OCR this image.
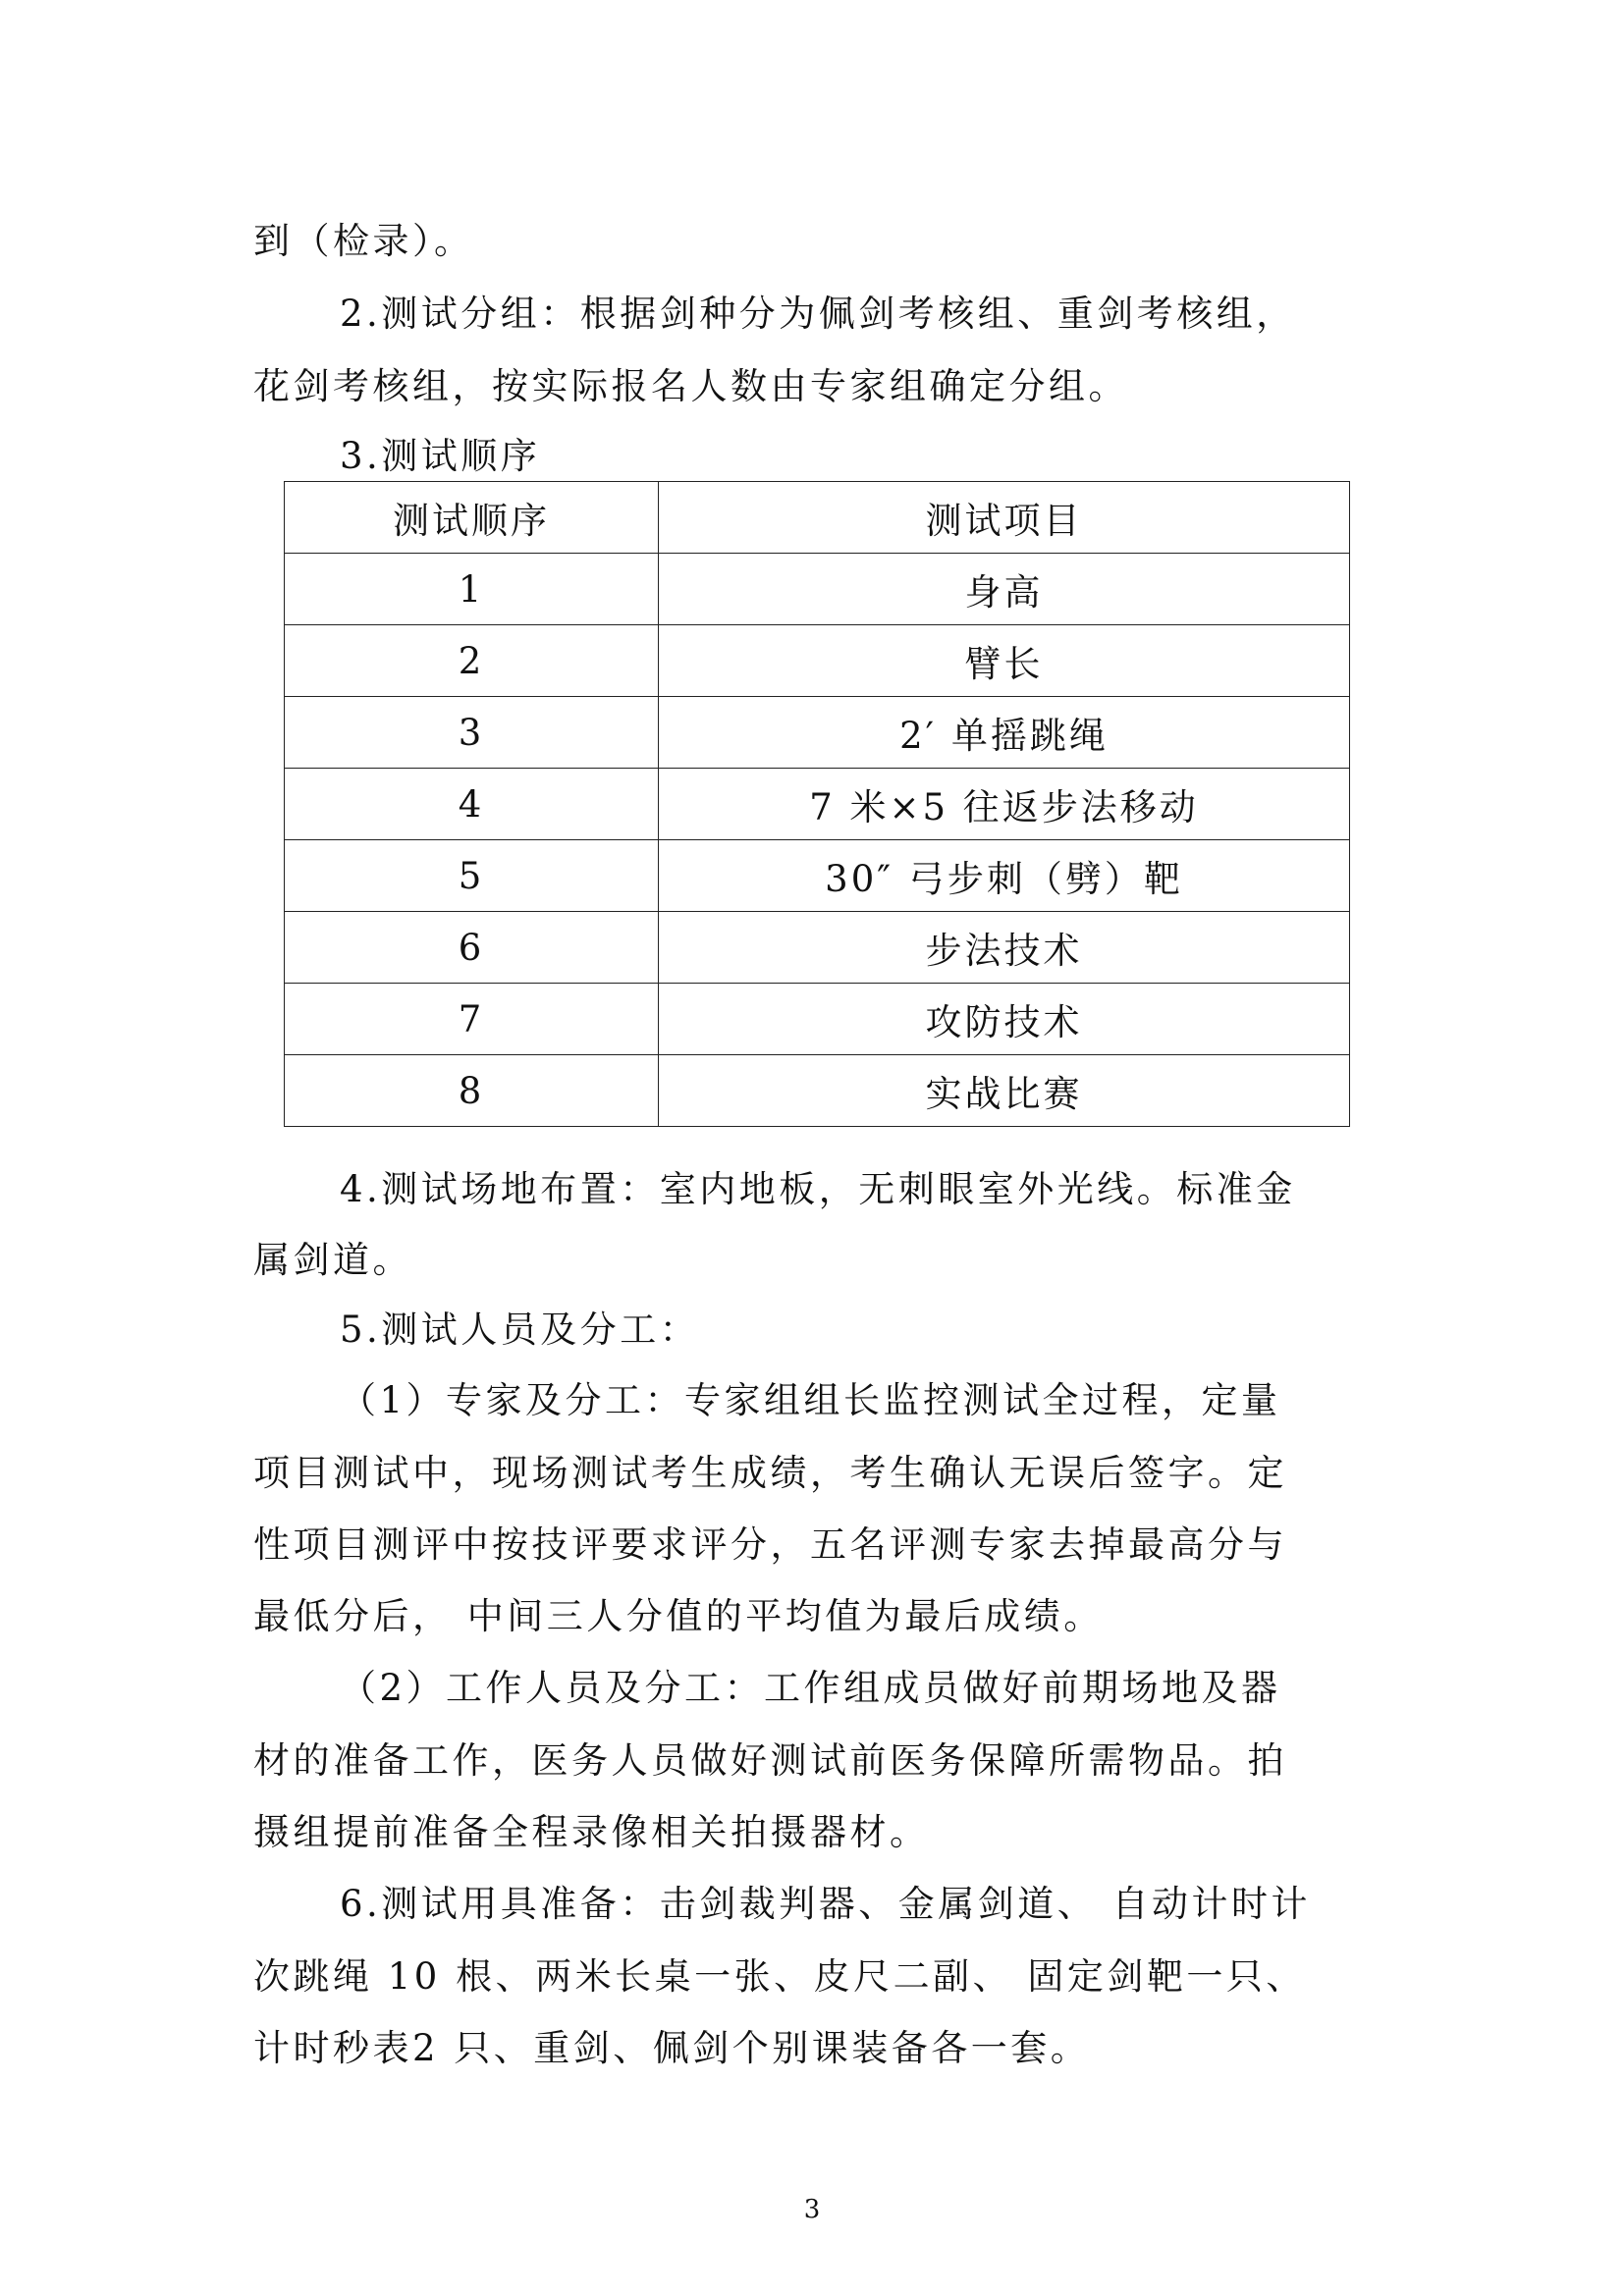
到（检录）。
2.测试分组：根据剑种分为佩剑考核组、重剑考核组，
花剑考核组，按实际报名人数由专家组确定分组。
3.测试顺序
测试顺序	测试项目
1	身高
2	臂长
3	2′ 单摇跳绳
4	7 米×5 往返步法移动
5	30″ 弓步刺（劈）靶
6	步法技术
7	攻防技术
8	实战比赛
4.测试场地布置：室内地板，无刺眼室外光线。标准金
属剑道。
5.测试人员及分工：
（1）专家及分工：专家组组长监控测试全过程，定量
项目测试中，现场测试考生成绩，考生确认无误后签字。定
性项目测评中按技评要求评分，五名评测专家去掉最高分与
最低分后， 中间三人分值的平均值为最后成绩。
（2）工作人员及分工：工作组成员做好前期场地及器
材的准备工作，医务人员做好测试前医务保障所需物品。拍
摄组提前准备全程录像相关拍摄器材。
6.测试用具准备：击剑裁判器、金属剑道、 自动计时计
次跳绳 10 根、两米长桌一张、皮尺二副、 固定剑靶一只、
计时秒表2 只、重剑、佩剑个别课装备各一套。
3
